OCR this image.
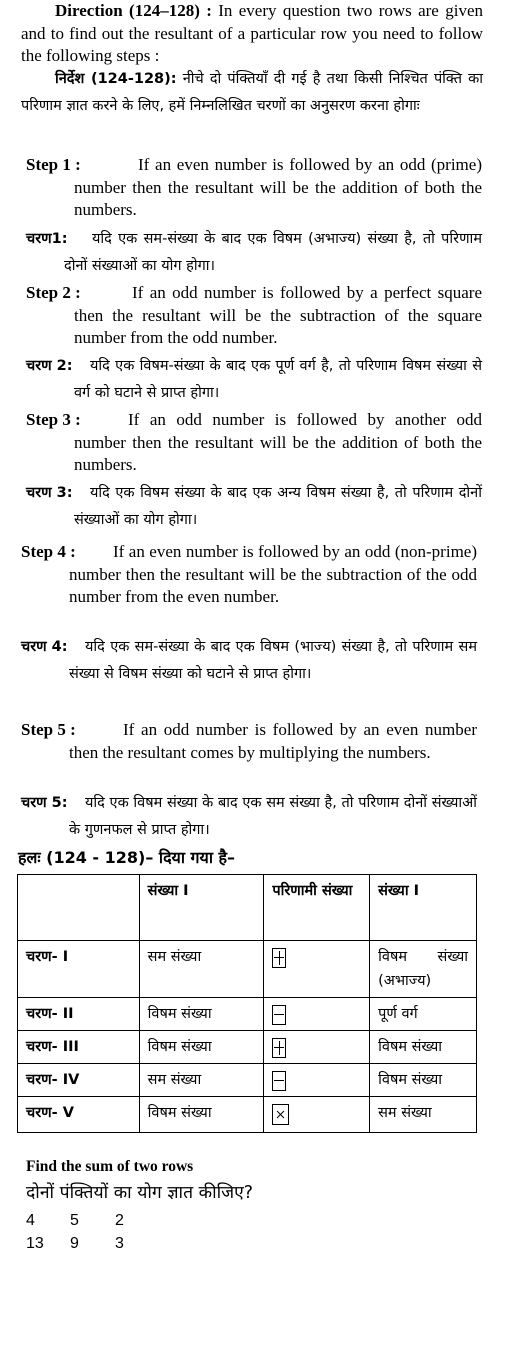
Direction (124–128) : In every question two rows are given and to find out the resultant of a particular row you need to follow the following steps :
निर्देश (124-128): नीचे दो पंक्तियाँ दी गई है तथा किसी निश्चित पंक्ति का परिणाम ज्ञात करने के लिए, हमें निम्नलिखित चरणों का अनुसरण करना होगाः
Step 1 :	If an even number is followed by an odd (prime) number then the resultant will be the addition of both the numbers.
चरण1:	यदि एक सम-संख्या के बाद एक विषम (अभाज्य) संख्या है, तो परिणाम दोनों संख्याओं का योग होगा।
Step 2 :	If an odd number is followed by a perfect square then the resultant will be the subtraction of the square number from the odd number.
चरण 2:	यदि एक विषम-संख्या के बाद एक पूर्ण वर्ग है, तो परिणाम विषम संख्या से वर्ग को घटाने से प्राप्त होगा।
Step 3 :	If an odd number is followed by another odd number then the resultant will be the addition of both the numbers.
चरण 3:	यदि एक विषम संख्या के बाद एक अन्य विषम संख्या है, तो परिणाम दोनों संख्याओं का योग होगा।
Step 4 :	If an even number is followed by an odd (non-prime) number then the resultant will be the subtraction of the odd number from the even number.
चरण 4:	यदि एक सम-संख्या के बाद एक विषम (भाज्य) संख्या है, तो परिणाम सम संख्या से विषम संख्या को घटाने से प्राप्त होगा।
Step 5 :	If an odd number is followed by an even number then the resultant comes by multiplying the numbers.
चरण 5:	यदि एक विषम संख्या के बाद एक सम संख्या है, तो परिणाम दोनों संख्याओं के गुणनफल से प्राप्त होगा।
हलः (124 - 128)– दिया गया है–
	संख्या I	परिणामी संख्या	संख्या I
चरण- I	सम संख्या		विषम संख्या (अभाज्य)
चरण- II	विषम संख्या		पूर्ण वर्ग
चरण- III	विषम संख्या		विषम संख्या
चरण- IV	सम संख्या		विषम संख्या
चरण- V	विषम संख्या		सम संख्या
Find the sum of two rows
दोनों पंक्तियों का योग ज्ञात कीजिए?
4 5 2
13 9 3
